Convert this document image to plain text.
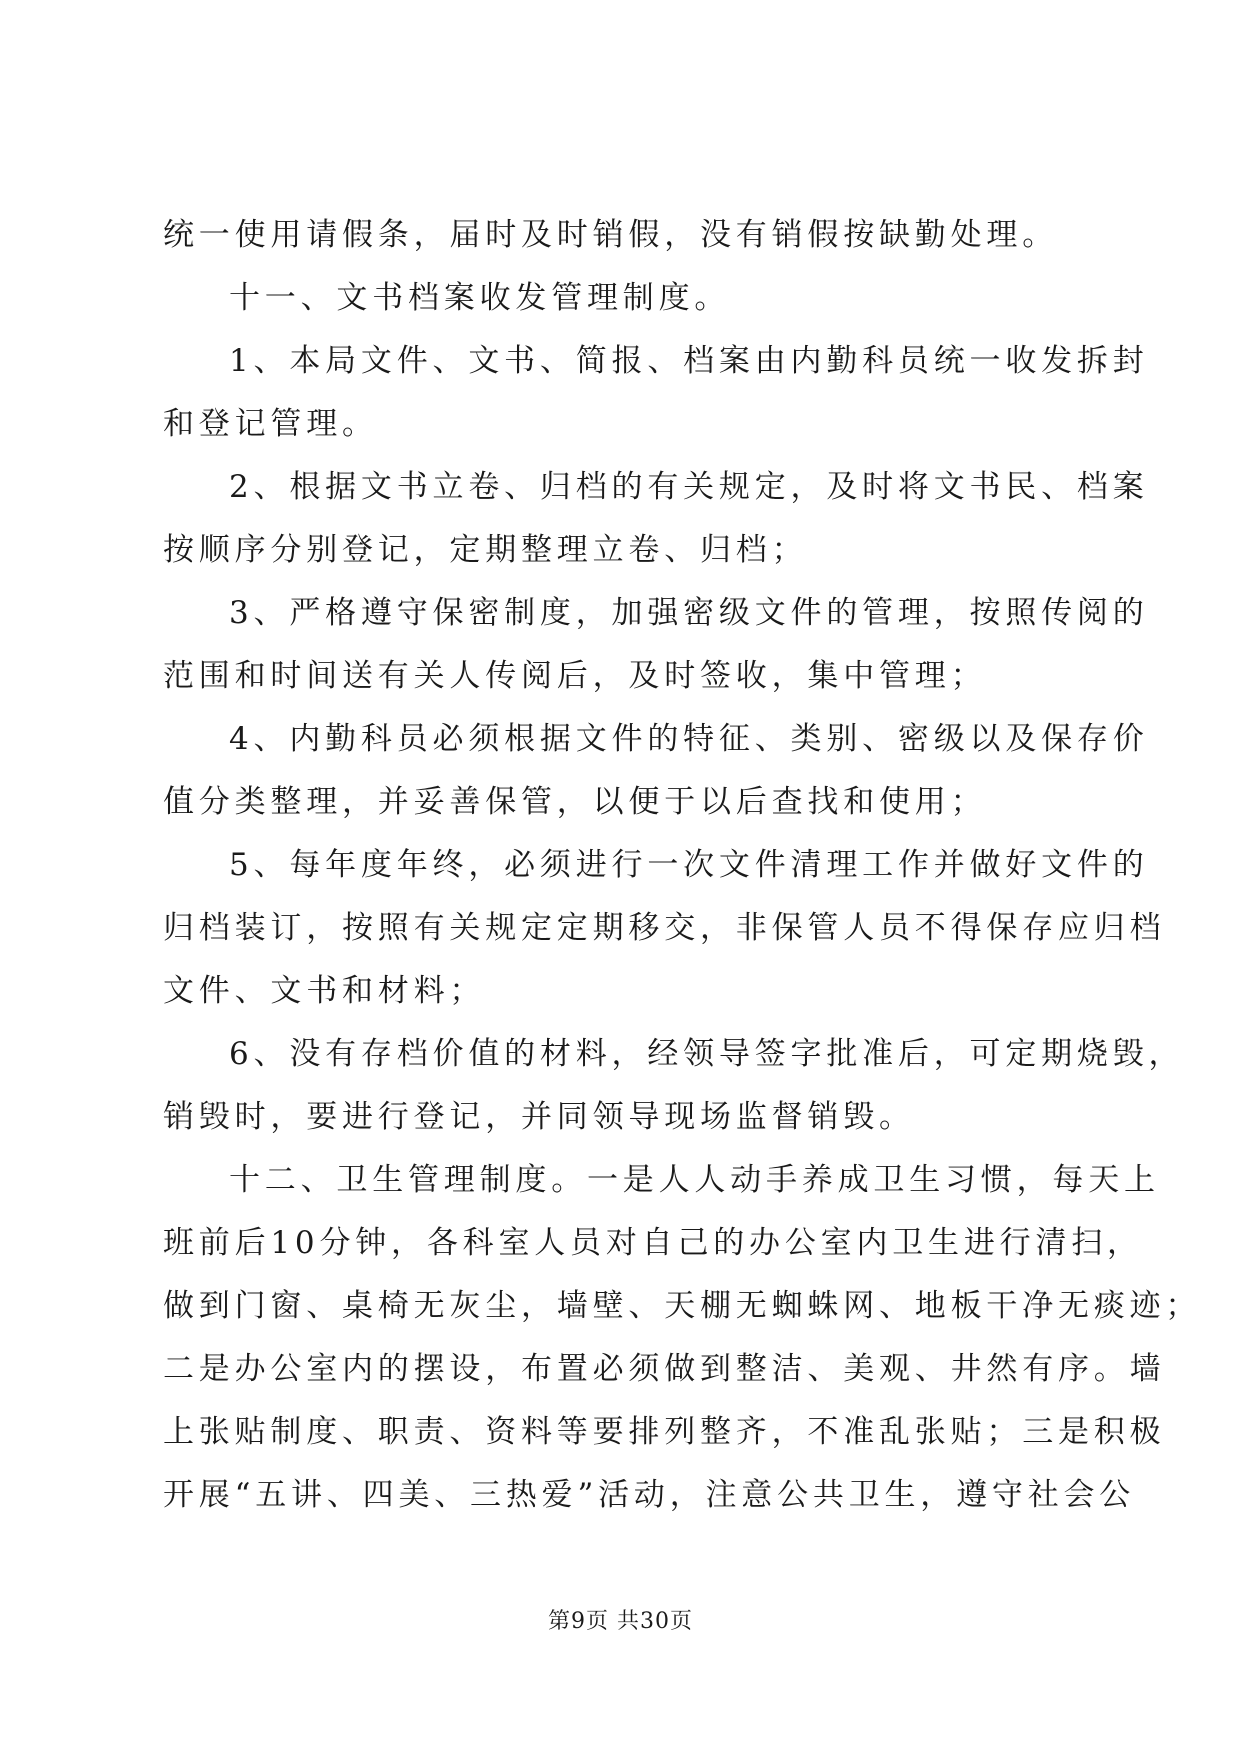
统一使用请假条，届时及时销假，没有销假按缺勤处理。
十一、文书档案收发管理制度。
1、本局文件、文书、简报、档案由内勤科员统一收发拆封
和登记管理。
2、根据文书立卷、归档的有关规定，及时将文书民、档案
按顺序分别登记，定期整理立卷、归档；
3、严格遵守保密制度，加强密级文件的管理，按照传阅的
范围和时间送有关人传阅后，及时签收，集中管理；
4、内勤科员必须根据文件的特征、类别、密级以及保存价
值分类整理，并妥善保管，以便于以后查找和使用；
5、每年度年终，必须进行一次文件清理工作并做好文件的
归档装订，按照有关规定定期移交，非保管人员不得保存应归档
文件、文书和材料；
6、没有存档价值的材料，经领导签字批准后，可定期烧毁，
销毁时，要进行登记，并同领导现场监督销毁。
十二、卫生管理制度。一是人人动手养成卫生习惯，每天上
班前后10分钟，各科室人员对自己的办公室内卫生进行清扫，
做到门窗、桌椅无灰尘，墙壁、天棚无蜘蛛网、地板干净无痰迹；
二是办公室内的摆设，布置必须做到整洁、美观、井然有序。墙
上张贴制度、职责、资料等要排列整齐，不准乱张贴；三是积极
开展“五讲、四美、三热爱”活动，注意公共卫生，遵守社会公
第9页 共30页
